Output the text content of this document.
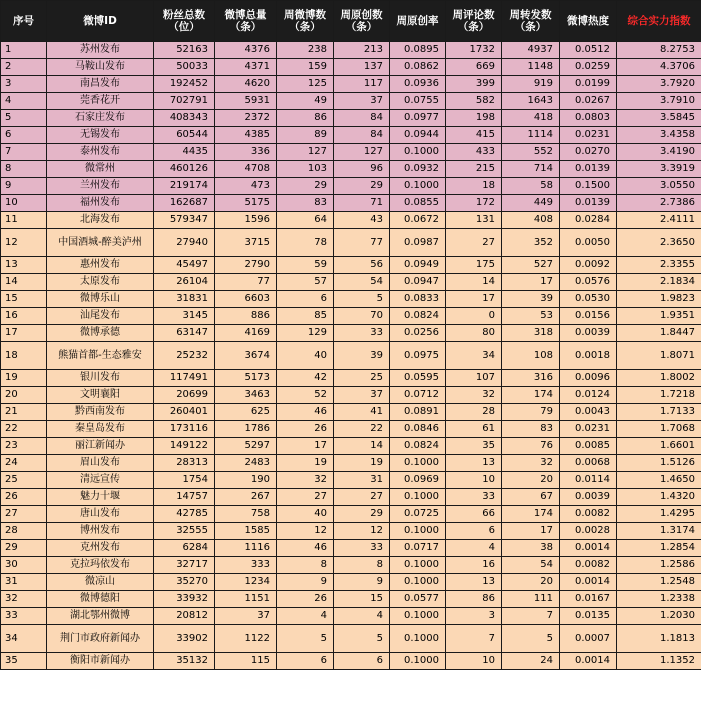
序号	微博ID	粉丝总数（位）	微博总量（条）	周微博数（条）	周原创数（条）	周原创率	周评论数（条）	周转发数（条）	微博热度	综合实力指数
1	苏州发布	52163	4376	238	213	0.0895	1732	4937	0.0512	8.2753
2	马鞍山发布	50033	4371	159	137	0.0862	669	1148	0.0259	4.3706
3	南昌发布	192452	4620	125	117	0.0936	399	919	0.0199	3.7920
4	莞香花开	702791	5931	49	37	0.0755	582	1643	0.0267	3.7910
5	石家庄发布	408343	2372	86	84	0.0977	198	418	0.0803	3.5845
6	无锡发布	60544	4385	89	84	0.0944	415	1114	0.0231	3.4358
7	泰州发布	4435	336	127	127	0.1000	433	552	0.0270	3.4190
8	微常州	460126	4708	103	96	0.0932	215	714	0.0139	3.3919
9	兰州发布	219174	473	29	29	0.1000	18	58	0.1500	3.0550
10	福州发布	162687	5175	83	71	0.0855	172	449	0.0139	2.7386
11	北海发布	579347	1596	64	43	0.0672	131	408	0.0284	2.4111
12	中国酒城-醉美泸州	27940	3715	78	77	0.0987	27	352	0.0050	2.3650
13	惠州发布	45497	2790	59	56	0.0949	175	527	0.0092	2.3355
14	太原发布	26104	77	57	54	0.0947	14	17	0.0576	2.1834
15	微博乐山	31831	6603	6	5	0.0833	17	39	0.0530	1.9823
16	汕尾发布	3145	886	85	70	0.0824	0	53	0.0156	1.9351
17	微博承德	63147	4169	129	33	0.0256	80	318	0.0039	1.8447
18	熊猫首都-生态雅安	25232	3674	40	39	0.0975	34	108	0.0018	1.8071
19	银川发布	117491	5173	42	25	0.0595	107	316	0.0096	1.8002
20	文明襄阳	20699	3463	52	37	0.0712	32	174	0.0124	1.7218
21	黔西南发布	260401	625	46	41	0.0891	28	79	0.0043	1.7133
22	秦皇岛发布	173116	1786	26	22	0.0846	61	83	0.0231	1.7068
23	丽江新闻办	149122	5297	17	14	0.0824	35	76	0.0085	1.6601
24	眉山发布	28313	2483	19	19	0.1000	13	32	0.0068	1.5126
25	清远宣传	1754	190	32	31	0.0969	10	20	0.0114	1.4650
26	魅力十堰	14757	267	27	27	0.1000	33	67	0.0039	1.4320
27	唐山发布	42785	758	40	29	0.0725	66	174	0.0082	1.4295
28	博州发布	32555	1585	12	12	0.1000	6	17	0.0028	1.3174
29	克州发布	6284	1116	46	33	0.0717	4	38	0.0014	1.2854
30	克拉玛依发布	32717	333	8	8	0.1000	16	54	0.0082	1.2586
31	微凉山	35270	1234	9	9	0.1000	13	20	0.0014	1.2548
32	微博德阳	33932	1151	26	15	0.0577	86	111	0.0167	1.2338
33	湖北鄂州微博	20812	37	4	4	0.1000	3	7	0.0135	1.2030
34	荆门市政府新闻办	33902	1122	5	5	0.1000	7	5	0.0007	1.1813
35	衡阳市新闻办	35132	115	6	6	0.1000	10	24	0.0014	1.1352
